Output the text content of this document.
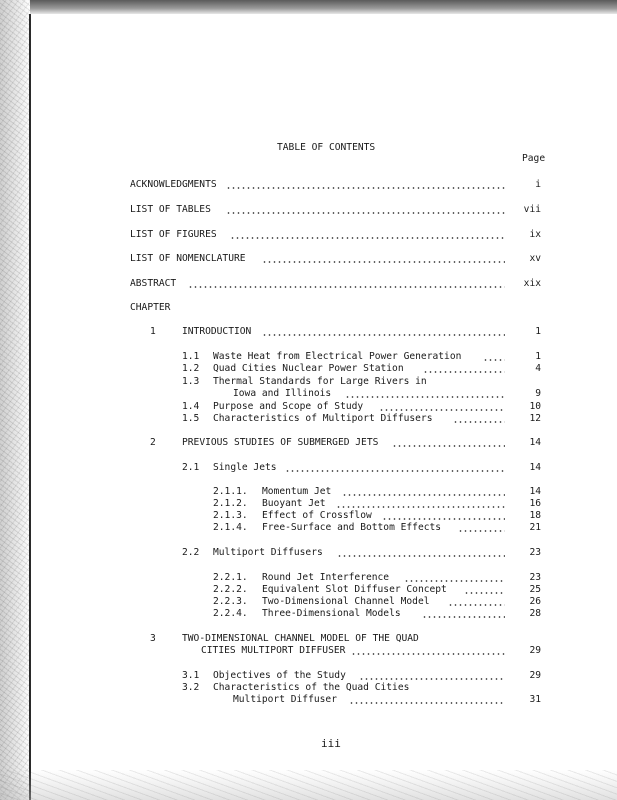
TABLE OF CONTENTS
Page
ACKNOWLEDGMENTS	i
LIST OF TABLES	vii
LIST OF FIGURES	ix
LIST OF NOMENCLATURE	xv
ABSTRACT	xix
CHAPTER
1	INTRODUCTION	1
1.1 Waste Heat from Electrical Power Generation	1
1.2 Quad Cities Nuclear Power Station	4
1.3 Thermal Standards for Large Rivers in
Iowa and Illinois	9
1.4 Purpose and Scope of Study	10
1.5 Characteristics of Multiport Diffusers	12
2	PREVIOUS STUDIES OF SUBMERGED JETS	14
2.1 Single Jets	14
2.1.1. Momentum Jet	14
2.1.2. Buoyant Jet	16
2.1.3. Effect of Crossflow	18
2.1.4. Free-Surface and Bottom Effects	21
2.2 Multiport Diffusers	23
2.2.1. Round Jet Interference	23
2.2.2. Equivalent Slot Diffuser Concept	25
2.2.3. Two-Dimensional Channel Model	26
2.2.4. Three-Dimensional Models	28
3	TWO-DIMENSIONAL CHANNEL MODEL OF THE QUAD
CITIES MULTIPORT DIFFUSER	29
3.1 Objectives of the Study	29
3.2 Characteristics of the Quad Cities
Multiport Diffuser	31
iii
